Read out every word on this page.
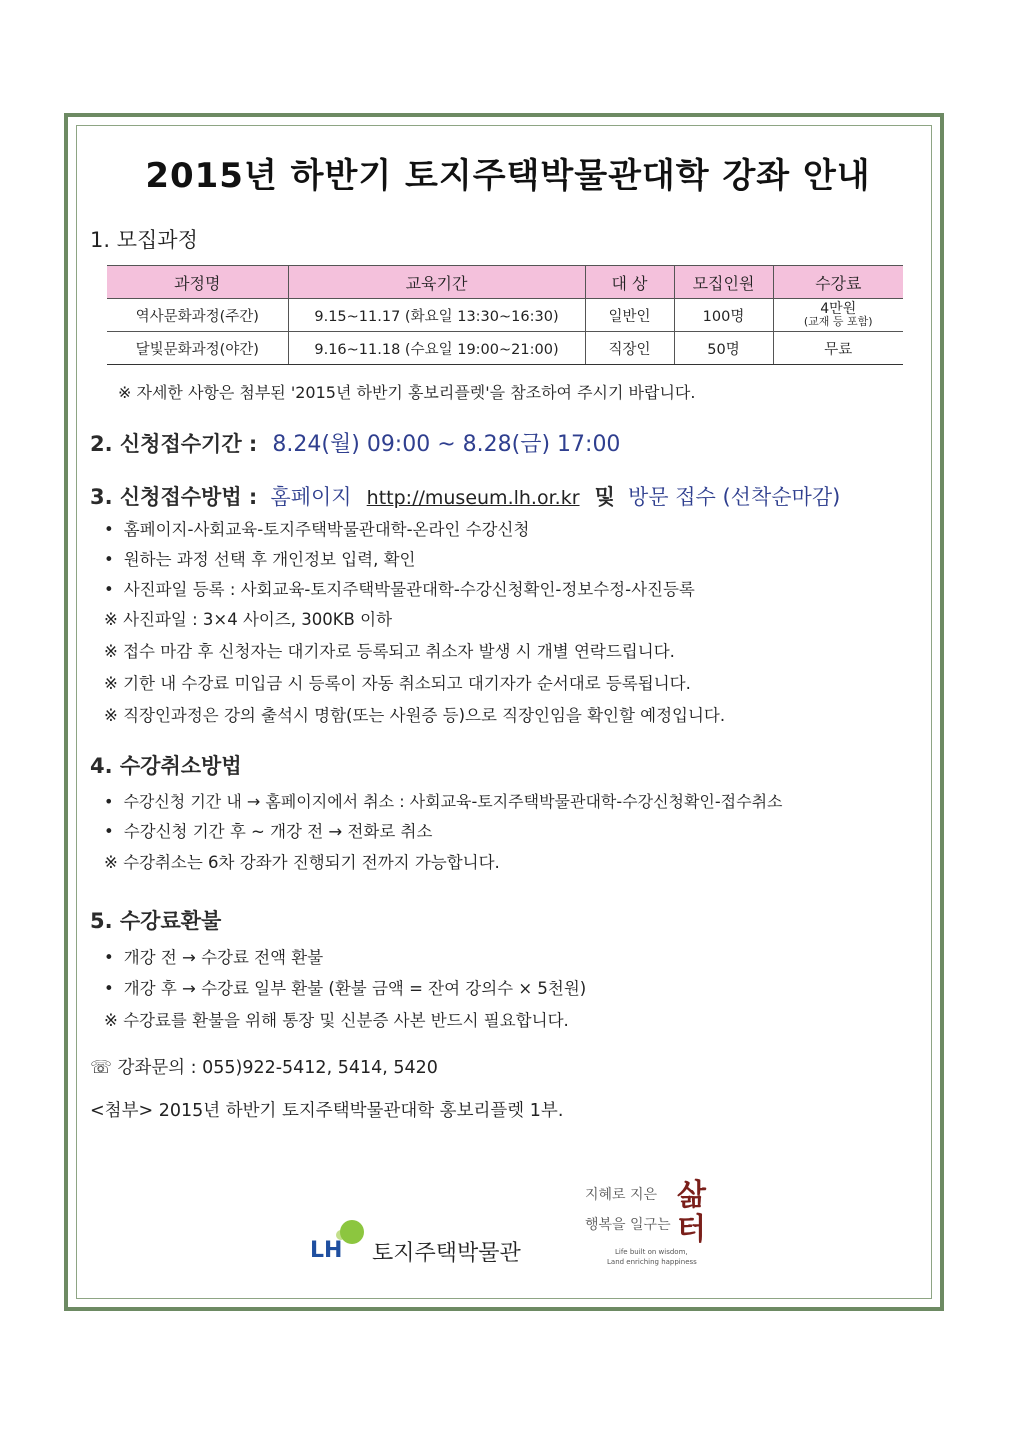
2015년 하반기 토지주택박물관대학 강좌 안내
1. 모집과정
과정명	교육기간	대 상	모집인원	수강료
역사문화과정(주간)	9.15~11.17 (화요일 13:30~16:30)	일반인	100명	4만원
(교재 등 포함)

달빛문화과정(야간)	9.16~11.18 (수요일 19:00~21:00)	직장인	50명	무료
※ 자세한 사항은 첨부된 '2015년 하반기 홍보리플렛'을 참조하여 주시기 바랍니다.
2. 신청접수기간 : 8.24(월) 09:00 ~ 8.28(금) 17:00
3. 신청접수방법 : 홈페이지 http://museum.lh.or.kr 및 방문 접수 (선착순마감)
• 홈페이지-사회교육-토지주택박물관대학-온라인 수강신청
• 원하는 과정 선택 후 개인정보 입력, 확인
• 사진파일 등록 : 사회교육-토지주택박물관대학-수강신청확인-정보수정-사진등록
※ 사진파일 : 3×4 사이즈, 300KB 이하
※ 접수 마감 후 신청자는 대기자로 등록되고 취소자 발생 시 개별 연락드립니다.
※ 기한 내 수강료 미입금 시 등록이 자동 취소되고 대기자가 순서대로 등록됩니다.
※ 직장인과정은 강의 출석시 명함(또는 사원증 등)으로 직장인임을 확인할 예정입니다.
4. 수강취소방법
• 수강신청 기간 내 → 홈페이지에서 취소 : 사회교육-토지주택박물관대학-수강신청확인-접수취소
• 수강신청 기간 후 ~ 개강 전 → 전화로 취소
※ 수강취소는 6차 강좌가 진행되기 전까지 가능합니다.
5. 수강료환불
• 개강 전 → 수강료 전액 환불
• 개강 후 → 수강료 일부 환불 (환불 금액 = 잔여 강의수 × 5천원)
※ 수강료를 환불을 위해 통장 및 신분증 사본 반드시 필요합니다.
☏ 강좌문의 : 055)922-5412, 5414, 5420
<첨부> 2015년 하반기 토지주택박물관대학 홍보리플렛 1부.
LH 토지주택박물관
지혜로 지은
행복을 일구는
삶
터
Life built on wisdom,
Land enriching happiness
